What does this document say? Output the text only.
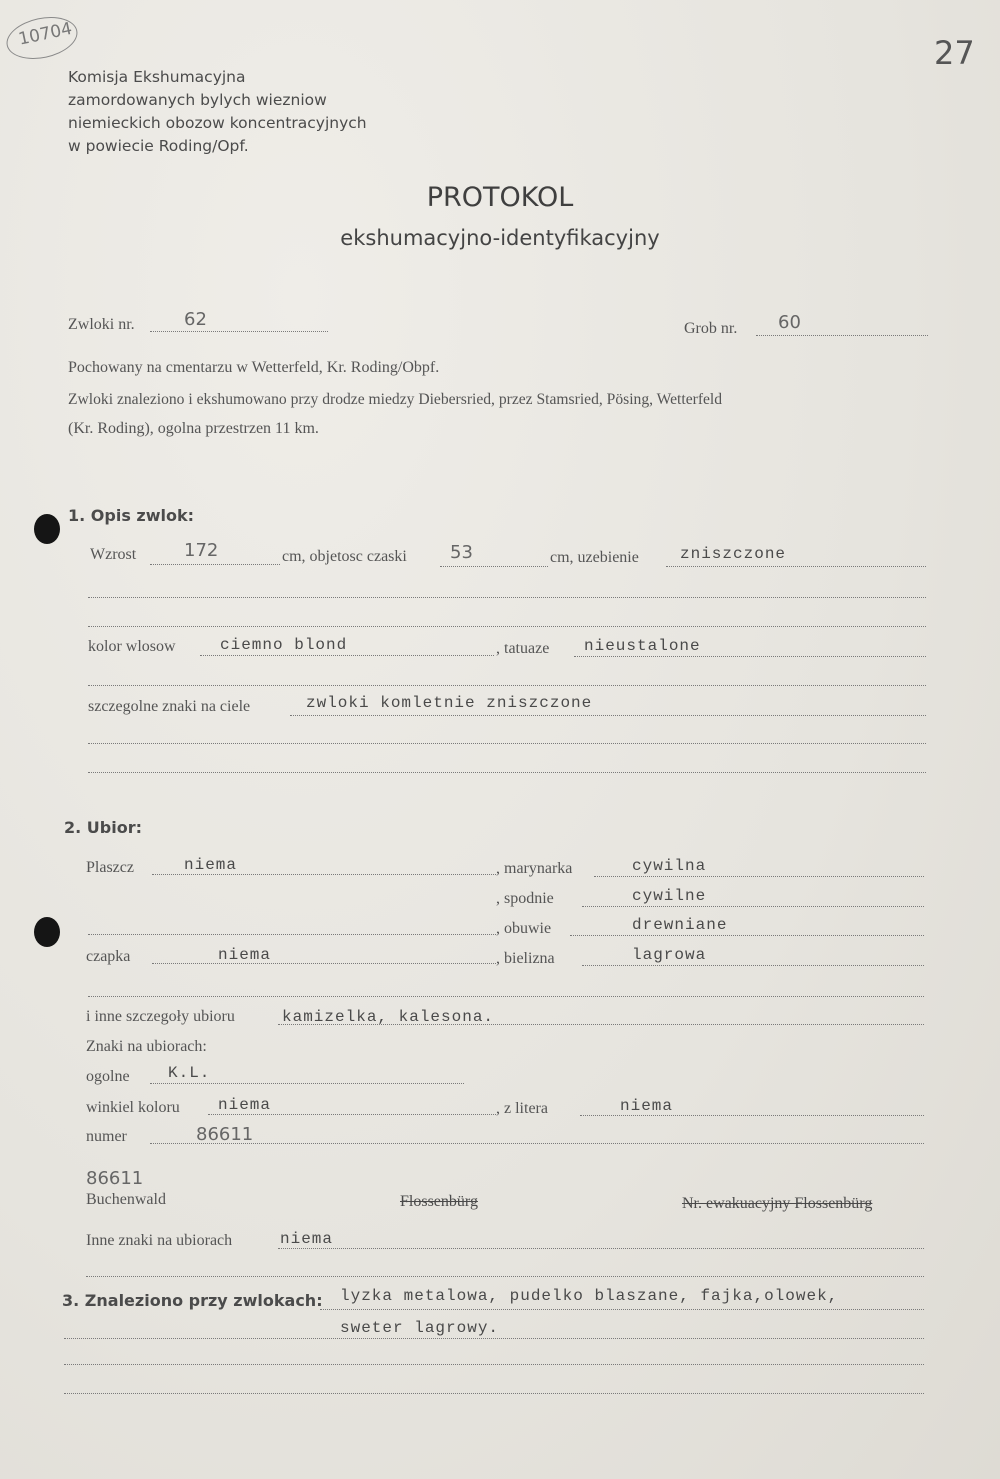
10704	27
Komisja Ekshumacyjna
zamordowanych bylych wiezniow
niemieckich obozow koncentracyjnych
w powiecie Roding/Opf.
PROTOKOL
ekshumacyjno-identyfikacyjny
Zwloki nr.	62	Grob nr. 60
Pochowany na cmentarzu w Wetterfeld, Kr. Roding/Obpf.
Zwloki znaleziono i ekshumowano przy drodze miedzy Diebersried, przez Stamsried, Pösing, Wetterfeld
(Kr. Roding), ogolna przestrzen 11 km.
1. Opis zwlok:
Wzrost	172	cm, objetosc czaski 53	cm, uzebienie	zniszczone
kolor wlosow	ciemno blond	, tatuaze nieustalone
szczegolne znaki na ciele	zwloki komletnie zniszczone
2. Ubior:
Plaszcz	niema	, marynarka	cywilna
, spodnie	cywilne
, obuwie	drewniane
czapka	niema	, bielizna	lagrowa
i inne szczegoły ubioru	kamizelka, kalesona.
Znaki na ubiorach:
ogolne K.L.
winkiel koloru niema	, z litera	niema
numer	86611
86611
Buchenwald	Flossenbürg	Nr. ewakuacyjny Flossenbürg
Inne znaki na ubiorach	niema
3. Znaleziono przy zwlokach: lyzka metalowa, pudelko blaszane, fajka,olowek,
sweter lagrowy.
